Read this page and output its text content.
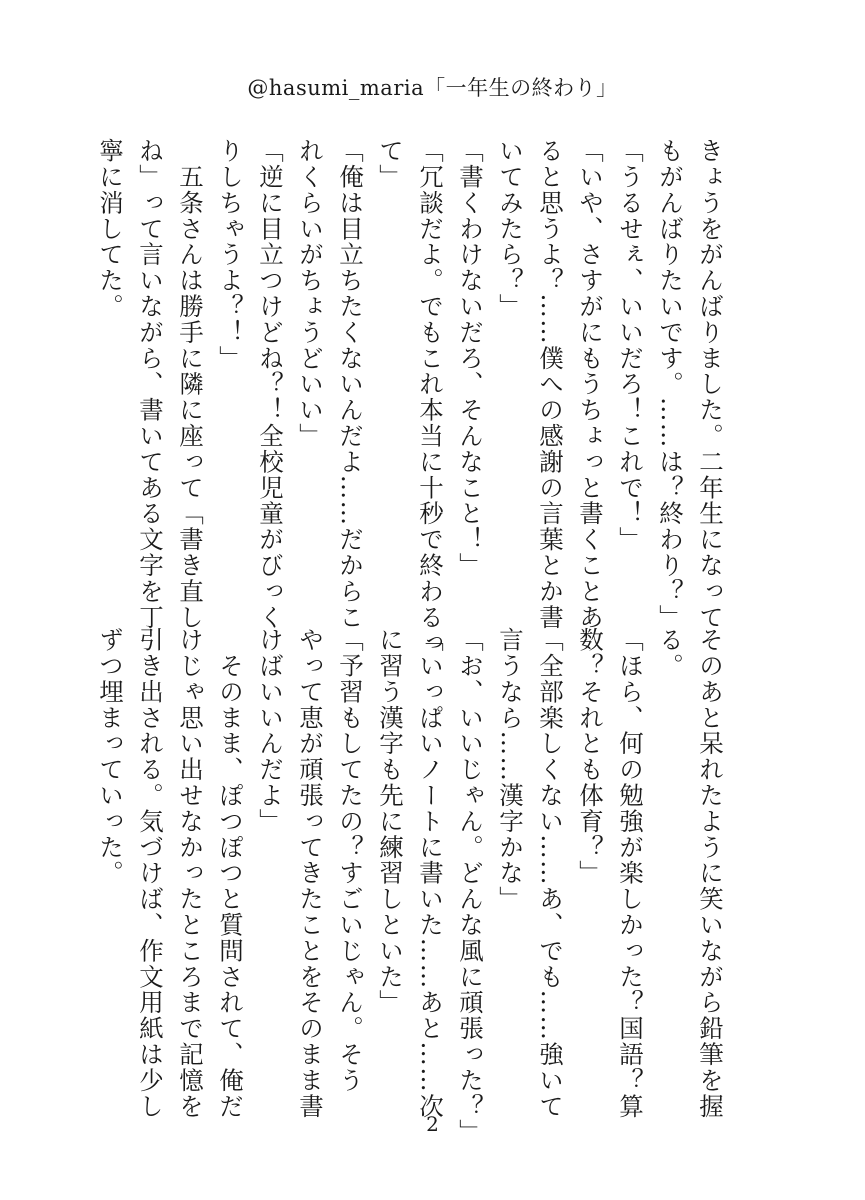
@hasumi_maria「一年生の終わり」
きょうをがんばりました。二年生になって
もがんばりたいです。……は？終わり？」
「うるせぇ、いいだろ！これで！」
「いや、さすがにもうちょっと書くことあ
ると思うよ？……僕への感謝の言葉とか書
いてみたら？」
「書くわけないだろ、そんなこと！」
「冗談だよ。でもこれ本当に十秒で終わるっ
て」
「俺は目立ちたくないんだよ……だからこ
れくらいがちょうどいい」
「逆に目立つけどね？！全校児童がびっく
りしちゃうよ？！」
　五条さんは勝手に隣に座って「書き直し
ね」って言いながら、書いてある文字を丁
寧に消してた。
そのあと呆れたように笑いながら鉛筆を握
る。
「ほら、何の勉強が楽しかった？国語？算
数？それとも体育？」
「全部楽しくない……あ、でも……強いて
言うなら……漢字かな」
「お、いいじゃん。どんな風に頑張った？」
「いっぱいノートに書いた……あと……次
に習う漢字も先に練習しといた」
「予習もしてたの？すごいじゃん。そう
やって恵が頑張ってきたことをそのまま書
けばいいんだよ」
　そのまま、ぽつぽつと質問されて、俺だ
けじゃ思い出せなかったところまで記憶を
引き出される。気づけば、作文用紙は少し
ずつ埋まっていった。
2
